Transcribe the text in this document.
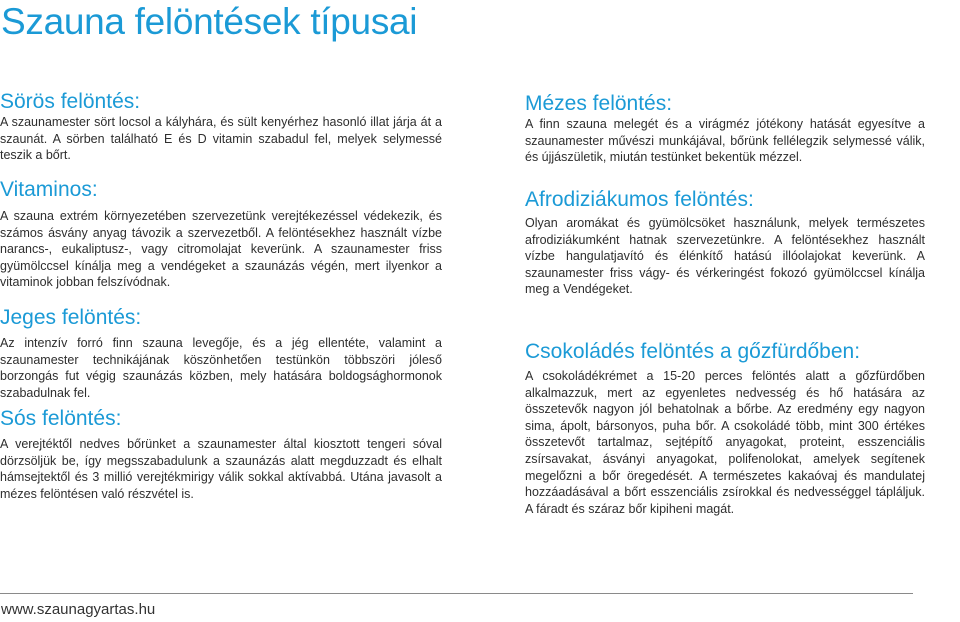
Szauna felöntések típusai
Sörös felöntés:

A szaunamester sört locsol a kályhára, és sült kenyérhez hasonló illat járja át a szaunát. A sörben található E és D vitamin szabadul fel, melyek selymessé teszik a bőrt.

Vitaminos:

A szauna extrém környezetében szervezetünk verejtékezéssel védekezik, és számos ásvány anyag távozik a szervezetből. A felöntésekhez használt vízbe narancs-, eukaliptusz-, vagy citromolajat keverünk. A szaunamester friss gyümölccsel kínálja meg a vendégeket a szaunázás végén, mert ilyenkor a vitaminok jobban felszívódnak.

Jeges felöntés:

Az intenzív forró finn szauna levegője, és a jég ellentéte, valamint a szaunamester technikájának köszönhetően testünkön többszöri jóleső borzongás fut végig szaunázás közben, mely hatására boldogsághormonok szabadulnak fel.

Sós felöntés:

A verejtéktől nedves bőrünket a szaunamester által kiosztott tengeri sóval dörzsöljük be, így megsszabadulunk a szaunázás alatt megduzzadt és elhalt hámsejtektől és 3 millió verejtékmirigy válik sokkal aktívabbá. Utána javasolt a mézes felöntésen való részvétel is.

Mézes felöntés:

A finn szauna melegét és a virágméz jótékony hatását egyesítve a szaunamester művészi munkájával, bőrünk fellélegzik selymessé válik, és újjászületik, miután testünket bekentük mézzel.

Afrodiziákumos felöntés:

Olyan aromákat és gyümölcsöket használunk, melyek természetes afrodiziákumként hatnak szervezetünkre. A felöntésekhez használt vízbe hangulatjavító és élénkítő hatású illóolajokat keverünk. A szaunamester friss vágy- és vérkeringést fokozó gyümölccsel kínálja meg a Vendégeket.

Csokoládés felöntés a gőzfürdőben:

A csokoládékrémet a 15-20 perces felöntés alatt a gőzfürdőben alkalmazzuk, mert az egyenletes nedvesség és hő hatására az összetevők nagyon jól behatolnak a bőrbe. Az eredmény egy nagyon sima, ápolt, bársonyos, puha bőr. A csokoládé több, mint 300 értékes összetevőt tartalmaz, sejtépítő anyagokat, proteint, esszenciális zsírsavakat, ásványi anyagokat, polifenolokat, amelyek segítenek megelőzni a bőr öregedését. A természetes kakaóvaj és mandulatej hozzáadásával a bőrt esszenciális zsírokkal és nedvességgel tápláljuk. A fáradt és száraz bőr kipiheni magát.

www.szaunagyartas.hu
